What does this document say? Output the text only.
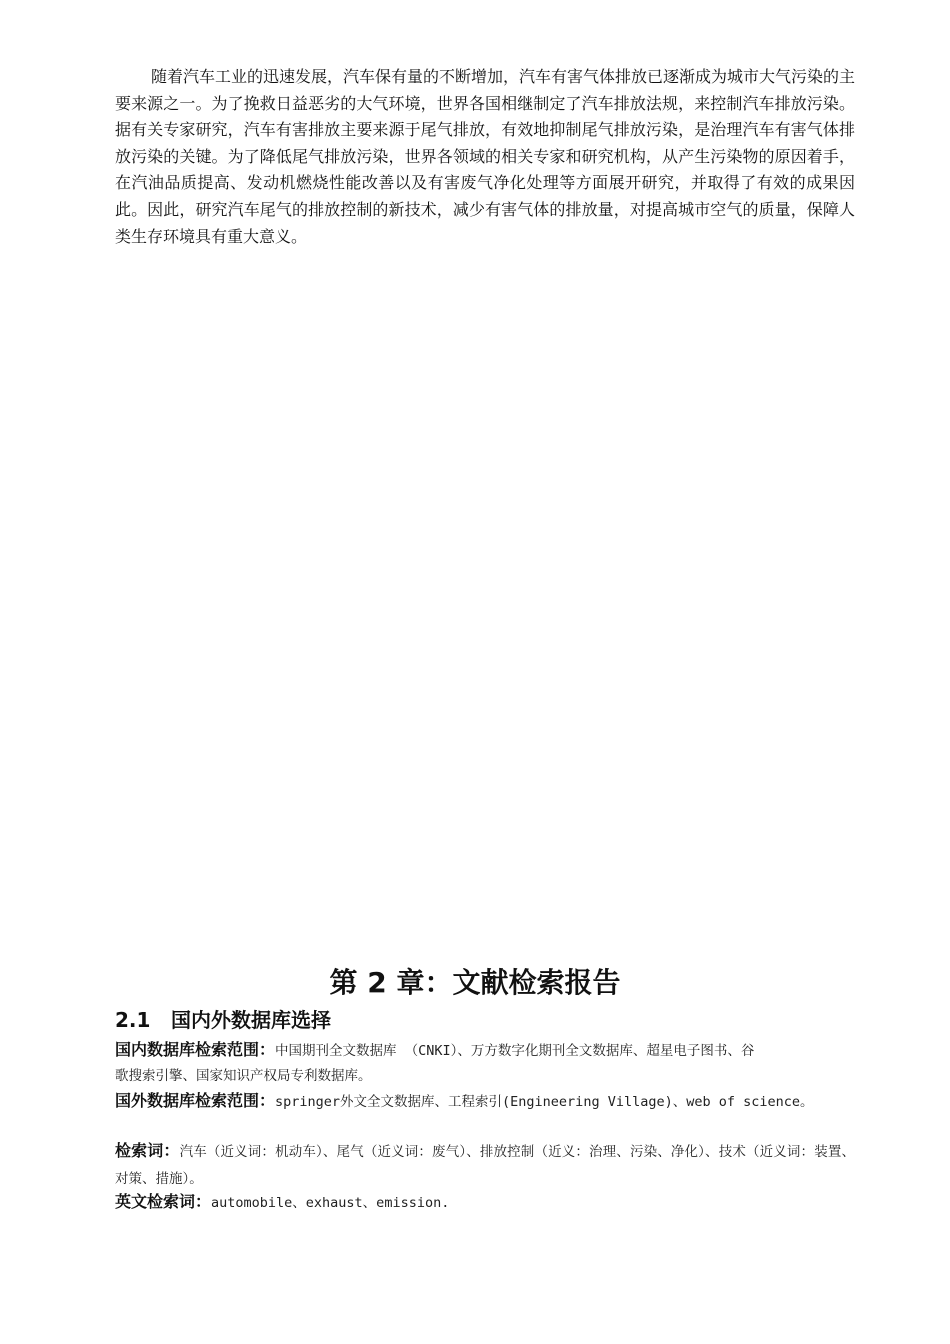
随着汽车工业的迅速发展，汽车保有量的不断增加，汽车有害气体排放已逐渐成为城市大气污染的主要来源之一。为了挽救日益恶劣的大气环境，世界各国相继制定了汽车排放法规，来控制汽车排放污染。据有关专家研究，汽车有害排放主要来源于尾气排放，有效地抑制尾气排放污染，是治理汽车有害气体排放污染的关键。为了降低尾气排放污染，世界各领域的相关专家和研究机构，从产生污染物的原因着手，在汽油品质提高、发动机燃烧性能改善以及有害废气净化处理等方面展开研究，并取得了有效的成果因此。因此，研究汽车尾气的排放控制的新技术，减少有害气体的排放量，对提高城市空气的质量，保障人类生存环境具有重大意义。

第 2 章：文献检索报告
2.1 国内外数据库选择

国内数据库检索范围：中国期刊全文数据库 （CNKI）、万方数字化期刊全文数据库、超星电子图书、谷歌搜索引擎、国家知识产权局专利数据库。

国外数据库检索范围：springer外文全文数据库、工程索引(Engineering Village)、web of science。

检索词：汽车（近义词：机动车）、尾气（近义词：废气）、排放控制（近义：治理、污染、净化）、技术（近义词：装置、对策、措施）。

英文检索词：automobile、exhaust、emission.
